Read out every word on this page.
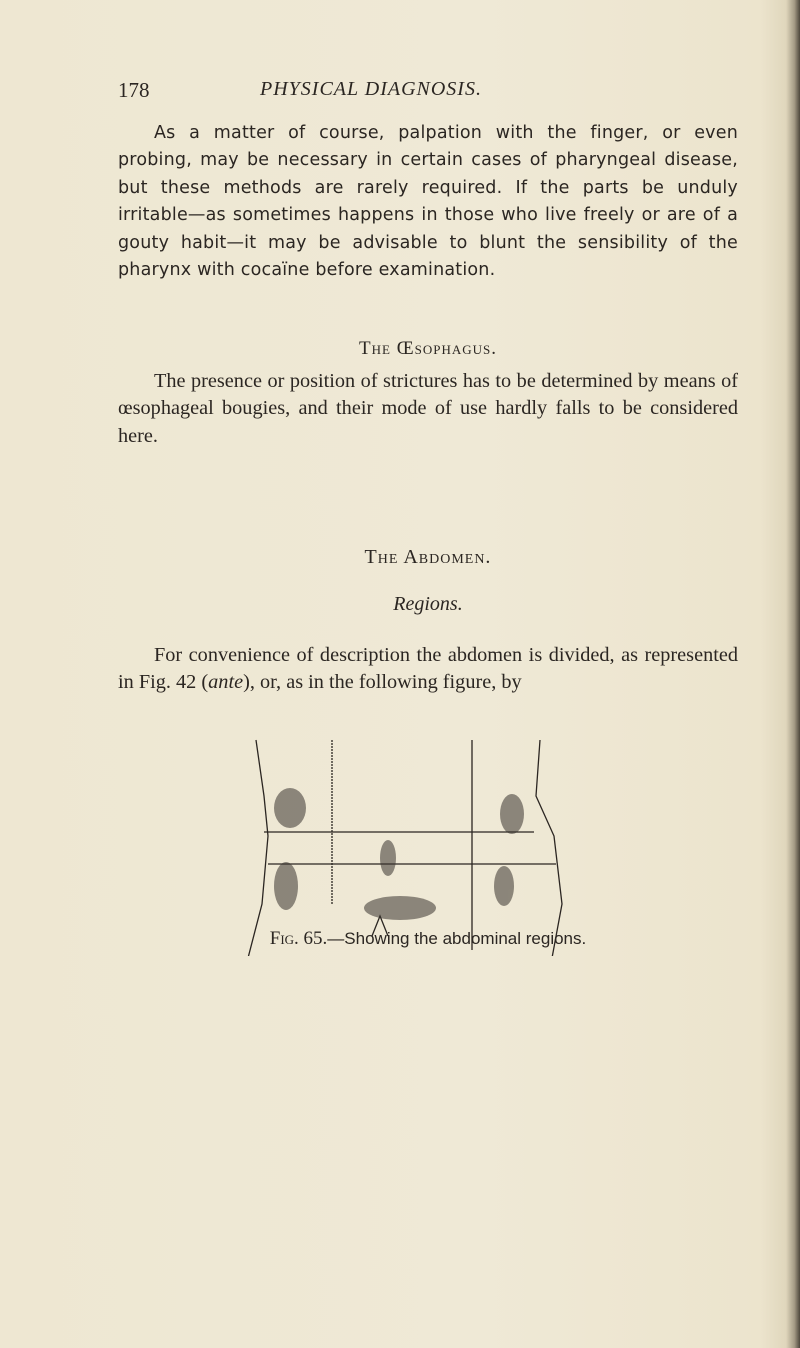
178	PHYSICAL DIAGNOSIS.
As a matter of course, palpation with the finger, or even probing, may be necessary in certain cases of pharyngeal disease, but these methods are rarely required. If the parts be unduly irritable—as sometimes happens in those who live freely or are of a gouty habit—it may be advisable to blunt the sensibility of the pharynx with cocaïne before examination.
The Œsophagus.
The presence or position of strictures has to be determined by means of œsophageal bougies, and their mode of use hardly falls to be considered here.
The Abdomen.
Regions.
For convenience of description the abdomen is divided, as represented in Fig. 42 (ante), or, as in the following figure, by
Fig. 65.—Showing the abdominal regions.
